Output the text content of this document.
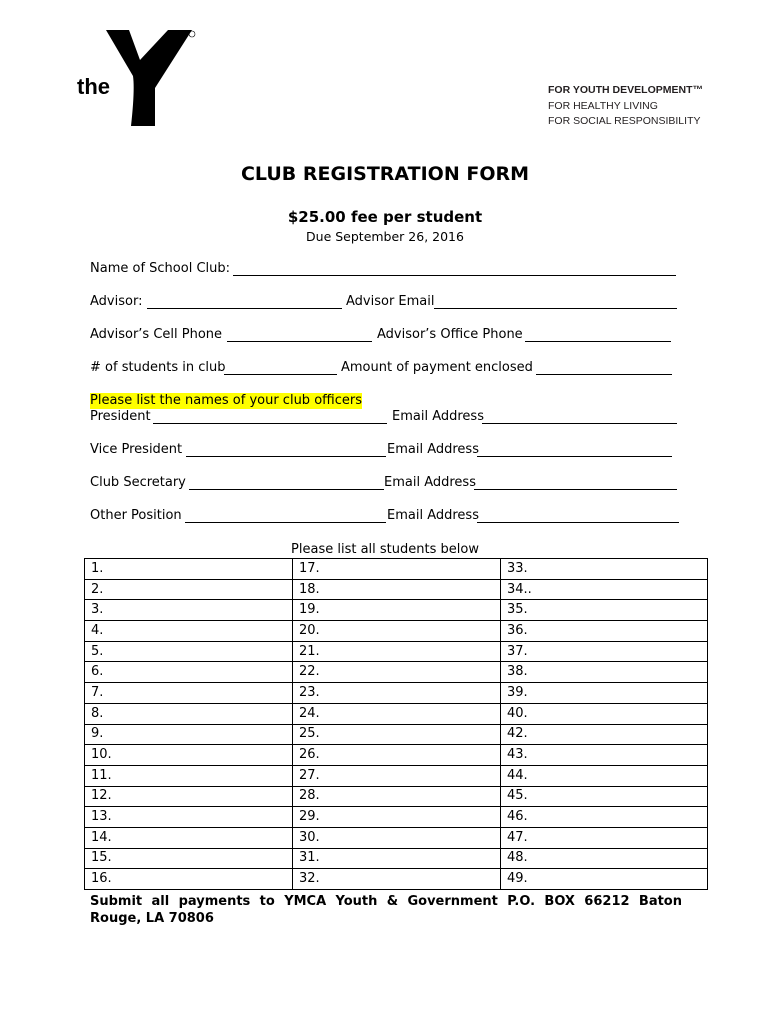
the
YMCA
FOR YOUTH DEVELOPMENT™
FOR HEALTHY LIVING
FOR SOCIAL RESPONSIBILITY
CLUB REGISTRATION FORM
$25.00 fee per student
Due September 26, 2016
Name of School Club:
Advisor:	Advisor Email
Advisor’s Cell Phone	Advisor’s Office Phone
# of students in club	Amount of payment enclosed
Please list the names of your club officers
President	Email Address
Vice President	Email Address
Club Secretary	Email Address
Other Position	Email Address
Please list all students below
1.	17.	33.
2.	18.	34..
3.	19.	35.
4.	20.	36.
5.	21.	37.
6.	22.	38.
7.	23.	39.
8.	24.	40.
9.	25.	42.
10.	26.	43.
11.	27.	44.
12.	28.	45.
13.	29.	46.
14.	30.	47.
15.	31.	48.
16.	32.	49.
Submit all payments to YMCA Youth & Government P.O. BOX 66212 Baton Rouge, LA 70806
